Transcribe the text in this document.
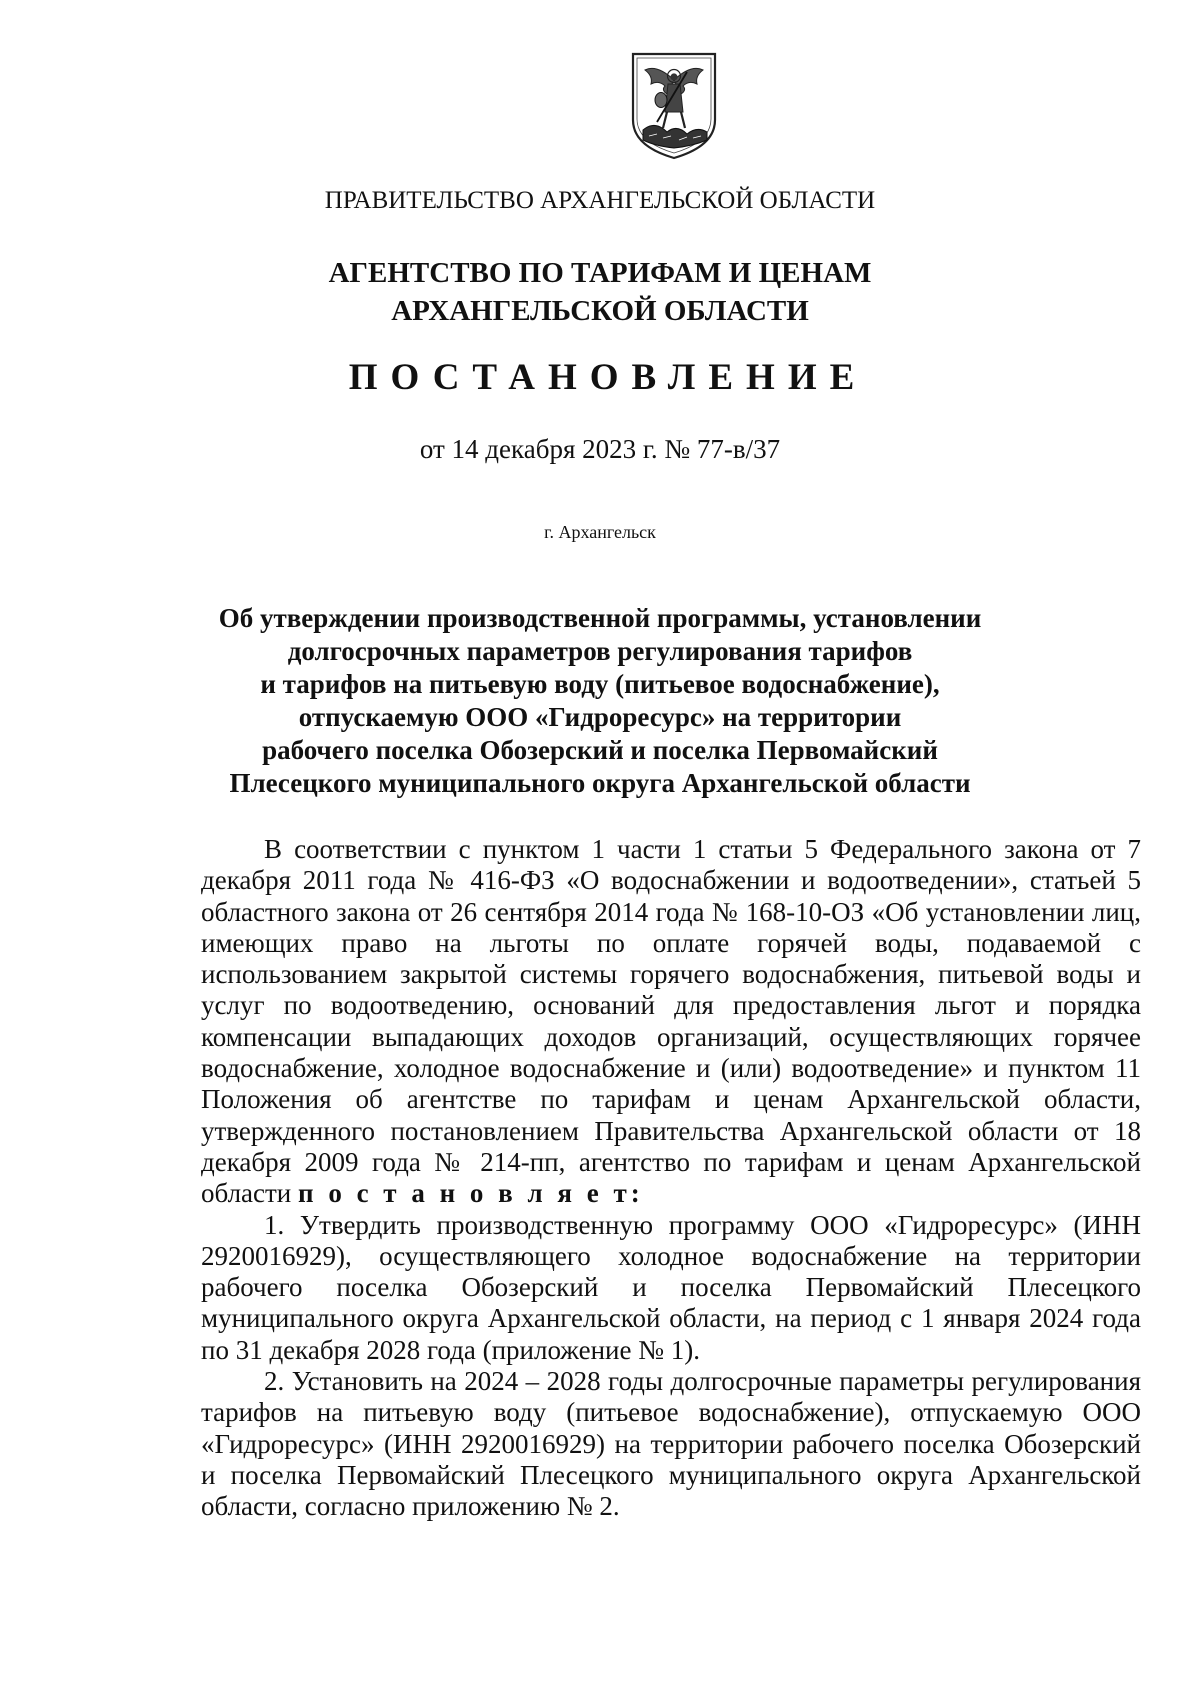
ПРАВИТЕЛЬСТВО АРХАНГЕЛЬСКОЙ ОБЛАСТИ
АГЕНТСТВО ПО ТАРИФАМ И ЦЕНАМ
АРХАНГЕЛЬСКОЙ ОБЛАСТИ
ПОСТАНОВЛЕНИЕ
от 14 декабря 2023 г. № 77-в/37
г. Архангельск
Об утверждении производственной программы, установлении
долгосрочных параметров регулирования тарифов
и тарифов на питьевую воду (питьевое водоснабжение),
отпускаемую ООО «Гидроресурс» на территории
рабочего поселка Обозерский и поселка Первомайский
Плесецкого муниципального округа Архангельской области

В соответствии с пунктом 1 части 1 статьи 5 Федерального закона от 7 декабря 2011 года № 416-ФЗ «О водоснабжении и водоотведении», статьей 5 областного закона от 26 сентября 2014 года № 168-10-ОЗ «Об установлении лиц, имеющих право на льготы по оплате горячей воды, подаваемой с использованием закрытой системы горячего водоснабжения, питьевой воды и услуг по водоотведению, оснований для предоставления льгот и порядка компенсации выпадающих доходов организаций, осуществляющих горячее водоснабжение, холодное водоснабжение и (или) водоотведение» и пунктом 11 Положения об агентстве по тарифам и ценам Архангельской области, утвержденного постановлением Правительства Архангельской области от 18 декабря 2009 года № 214-пп, агентство по тарифам и ценам Архангельской области п о с т а н о в л я е т:

1. Утвердить производственную программу ООО «Гидроресурс» (ИНН 2920016929), осуществляющего холодное водоснабжение на территории рабочего поселка Обозерский и поселка Первомайский Плесецкого муниципального округа Архангельской области, на период с 1 января 2024 года по 31 декабря 2028 года (приложение № 1).

2. Установить на 2024 – 2028 годы долгосрочные параметры регулирования тарифов на питьевую воду (питьевое водоснабжение), отпускаемую ООО «Гидроресурс» (ИНН 2920016929) на территории рабочего поселка Обозерский и поселка Первомайский Плесецкого муниципального округа Архангельской области, согласно приложению № 2.
